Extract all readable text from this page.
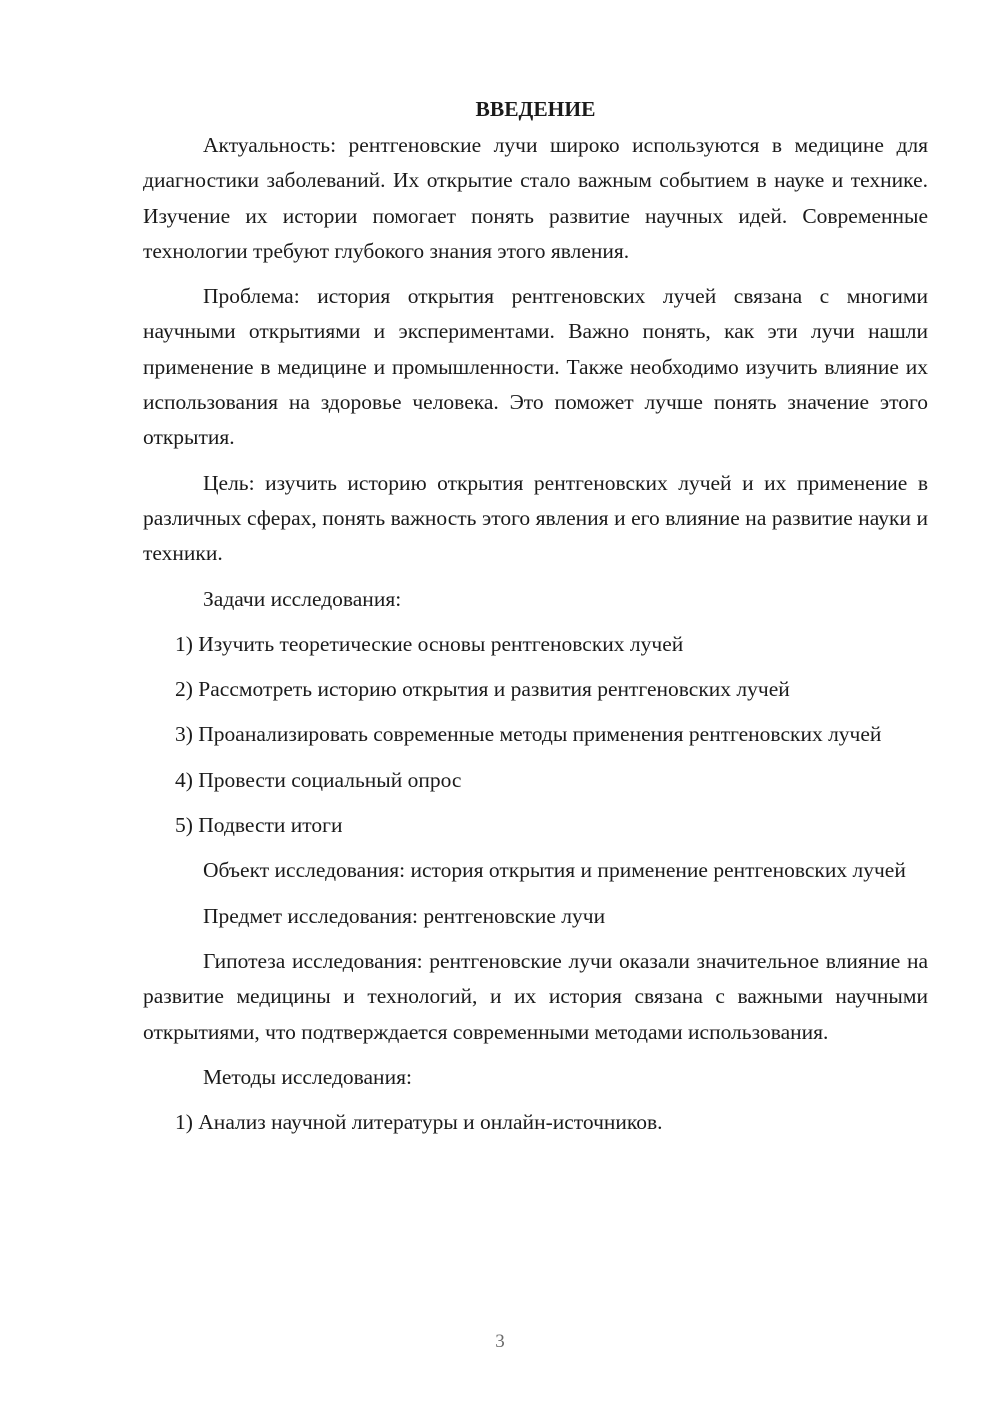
ВВЕДЕНИЕ

Актуальность: рентгеновские лучи широко используются в медицине для диагностики заболеваний. Их открытие стало важным событием в науке и технике. Изучение их истории помогает понять развитие научных идей. Современные технологии требуют глубокого знания этого явления.

Проблема: история открытия рентгеновских лучей связана с многими научными открытиями и экспериментами. Важно понять, как эти лучи нашли применение в медицине и промышленности. Также необходимо изучить влияние их использования на здоровье человека. Это поможет лучше понять значение этого открытия.

Цель: изучить историю открытия рентгеновских лучей и их применение в различных сферах, понять важность этого явления и его влияние на развитие науки и техники.

Задачи исследования:

1) Изучить теоретические основы рентгеновских лучей

2) Рассмотреть историю открытия и развития рентгеновских лучей

3) Проанализировать современные методы применения рентгеновских лучей

4) Провести социальный опрос

5) Подвести итоги

Объект исследования: история открытия и применение рентгеновских лучей

Предмет исследования: рентгеновские лучи

Гипотеза исследования: рентгеновские лучи оказали значительное влияние на развитие медицины и технологий, и их история связана с важными научными открытиями, что подтверждается современными методами использования.

Методы исследования:

1) Анализ научной литературы и онлайн-источников.

3
